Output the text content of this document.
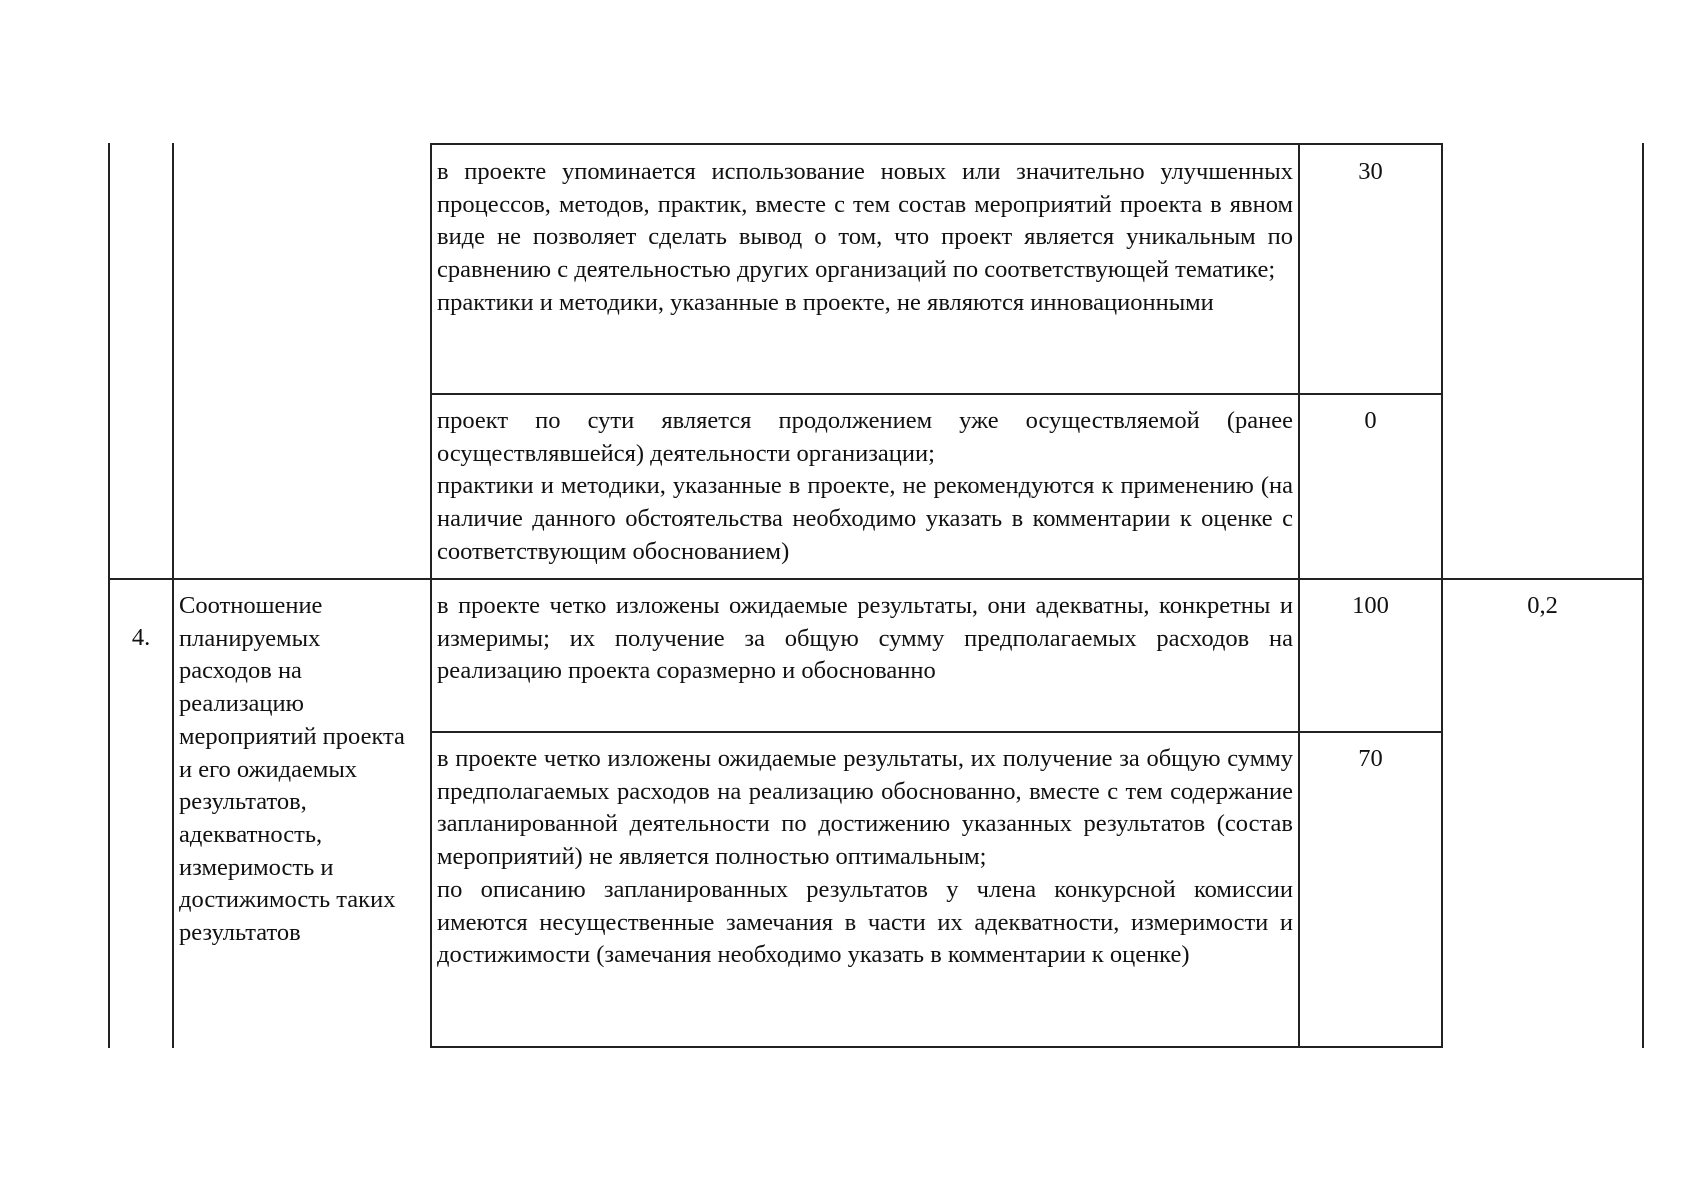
в проекте упоминается использование новых или значительно улучшенных процессов, методов, практик, вместе с тем состав мероприятий проекта в явном виде не позволяет сделать вывод о том, что проект является уникальным по сравнению с деятельностью других организаций по соответствующей тематике;

практики и методики, указанные в проекте, не являются инновационными

30

проект по сути является продолжением уже осуществляемой (ранее осуществлявшейся) деятельности организации;

практики и методики, указанные в проекте, не рекомендуются к применению (на наличие данного обстоятельства необходимо указать в комментарии к оценке с соответствующим обоснованием)

0
4.
Соотношение планируемых расходов на реализацию мероприятий проекта и его ожидаемых результатов, адекватность, измеримость и достижимость таких результатов

в проекте четко изложены ожидаемые результаты, они адекватны, конкретны и измеримы; их получение за общую сумму предполагаемых расходов на реализацию проекта соразмерно и обоснованно

100	0,2

в проекте четко изложены ожидаемые результаты, их получение за общую сумму предполагаемых расходов на реализацию обоснованно, вместе с тем содержание запланированной деятельности по достижению указанных результатов (состав мероприятий) не является полностью оптимальным;

по описанию запланированных результатов у члена конкурсной комиссии имеются несущественные замечания в части их адекватности, измеримости и достижимости (замечания необходимо указать в комментарии к оценке)

70
